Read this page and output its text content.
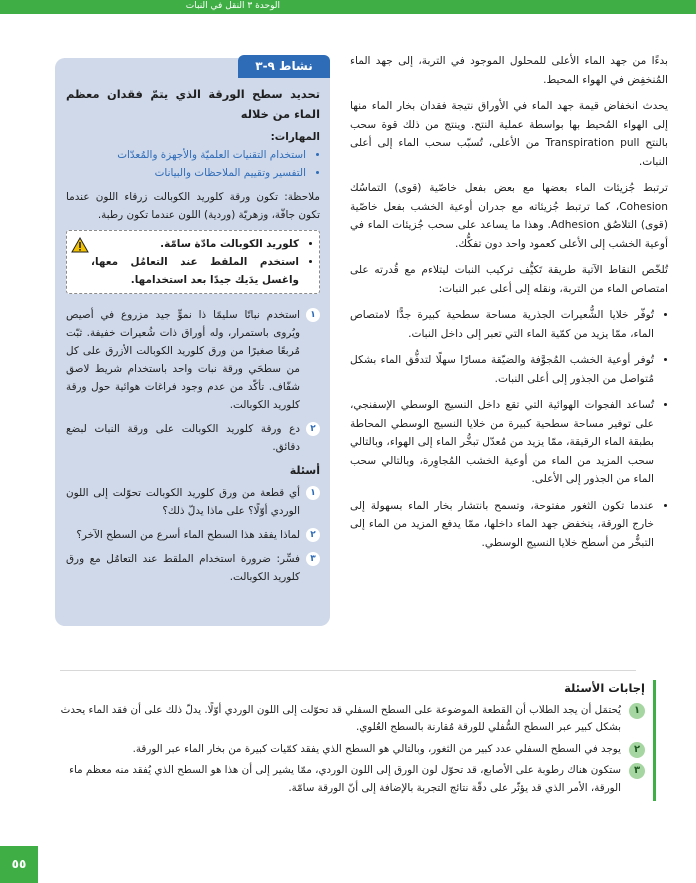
الوحدة ٣ النقل في النبات

بدءًا من جهد الماء الأعلى للمحلول الموجود في التربة، إلى جهد الماء المُنخفِض في الهواء المحيط.

يحدث انخفاض قيمة جهد الماء في الأوراق نتيجة فقدان بخار الماء منها إلى الهواء المُحيط بها بواسطة عملية النتح. وينتج من ذلك قوة سحب بالنتح Transpiration pull من الأعلى، تُسبّب سحب الماء إلى أعلى النبات.

ترتبط جُزيئات الماء بعضها مع بعض بفعل خاصّية (قوى) التماسُك Cohesion، كما ترتبط جُزيئاته مع جدران أوعية الخشب بفعل خاصّية (قوى) التلاصُق Adhesion. وهذا ما يساعد على سحب جُزيئات الماء في أوعية الخشب إلى الأعلى كعمود واحد دون تفكُّك.

تُلخّص النقاط الآتية طريقة تَكيُّف تركيب النبات ليتلاءم مع قُدرته على امتصاص الماء من التربة، ونقله إلى أعلى عبر النبات:

• تُوفّر خلايا الشُّعيرات الجذرية مساحة سطحية كبيرة جدًّا لامتصاص الماء، ممّا يزيد من كمّية الماء التي تعبر إلى داخل النبات.
• تُوفر أوعية الخشب المُجوَّفة والضيّقة مسارًا سهلًا لتدفُّق الماء بشكل مُتواصل من الجذور إلى أعلى النبات.
• تُساعد الفجوات الهوائية التي تقع داخل النسيج الوسطي الإسفنجي، على توفير مساحة سطحية كبيرة من خلايا النسيج الوسطي المحاطة بطبقة الماء الرقيقة، ممّا يزيد من مُعدّل تبخُّر الماء إلى الهواء، وبالتالي سحب المزيد من الماء من أوعية الخشب المُجاوِرة، وبالتالي سحب الماء من الجذور إلى الأعلى.
• عندما تكون الثغور مفتوحة، وتسمح بانتشار بخار الماء بسهولة إلى خارج الورقة، ينخفض جهد الماء داخلها، ممّا يدفع المزيد من الماء إلى التبخُّر من أسطح خلايا النسيج الوسطي.
نشاط ٩-٣
تحديد سطح الورقة الذي يتمّ فقدان معظم الماء من خلاله
المهارات:
• استخدام التقنيات العلميّة والأجهزة والمُعدّات
• التفسير وتقييم الملاحظات والبيانات
ملاحظة: تكون ورقة كلوريد الكوبالت زرقاء اللون عندما تكون جافّة، وزهريّة (وردية) اللون عندما تكون رطبة.
• كلوريد الكوبالت مادّة سامّة.
• استخدم الملقط عند التعامُل معها، واغسل يدَيك جيدًا بعد استخدامها.
١
استخدم نباتًا سليمًا ذا نموٍّ جيد مزروع في أصيص ويُروى باستمرار، وله أوراق ذات شُعيرات خفيفة. ثبّت مُربعًا صغيرًا من ورق كلوريد الكوبالت الأزرق على كل من سطحَي ورقة نبات واحد باستخدام شريط لاصق شفّاف. تأكّد من عدم وجود فراغات هوائية حول ورقة كلوريد الكوبالت.
٢
دع ورقة كلوريد الكوبالت على ورقة النبات لبضع دقائق.
أسئلة
١
أي قطعة من ورق كلوريد الكوبالت تحوّلت إلى اللون الوردي أوّلًا؟ على ماذا يدلّ ذلك؟
٢
لماذا يفقد هذا السطح الماء أسرع من السطح الآخر؟
٣
فسِّر: ضرورة استخدام الملقط عند التعامُل مع ورق كلوريد الكوبالت.
إجابات الأسئلة
١
يُحتمَل أن يجد الطلاب أن القطعة الموضوعة على السطح السفلي قد تحوّلت إلى اللون الوردي أوّلًا. يدلّ ذلك على أن فقد الماء يحدث بشكل كبير عبر السطح السُّفلي للورقة مُقارنة بالسطح العُلوي.
٢
يوجد في السطح السفلي عدد كبير من الثغور، وبالتالي هو السطح الذي يفقد كمّيات كبيرة من بخار الماء عبر الورقة.
٣
ستكون هناك رطوبة على الأصابع، قد تحوّل لون الورق إلى اللون الوردي، ممّا يشير إلى أن هذا هو السطح الذي يُفقد منه معظم ماء الورقة، الأمر الذي قد يؤثّر على دقّة نتائج التجربة بالإضافة إلى أنّ الورقة سامّة.
٥٥
